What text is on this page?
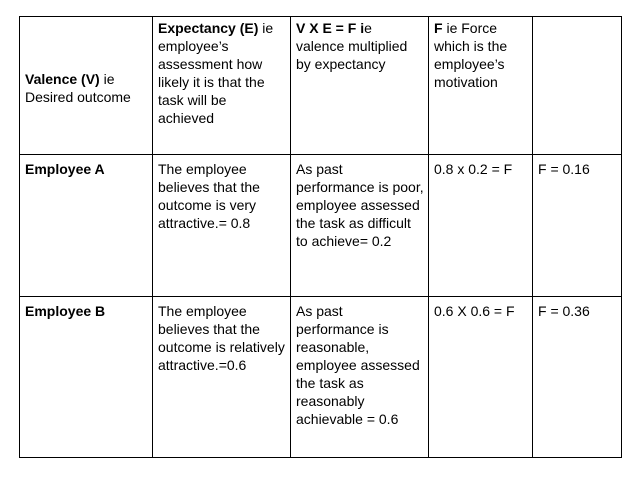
Valence (V) ie Desired outcome	Expectancy (E) ie employee’s assessment how likely it is that the task will be achieved	V X E = F ie valence multiplied by expectancy	F ie Force which is the employee’s motivation	
Employee A	The employee believes that the outcome is very attractive.= 0.8	As past performance is poor, employee assessed the task as difficult to achieve= 0.2	0.8 x 0.2 = F	F = 0.16
Employee B	The employee believes that the outcome is relatively attractive.=0.6	As past performance is reasonable, employee assessed the task as reasonably achievable = 0.6	0.6 X 0.6 = F	F = 0.36
